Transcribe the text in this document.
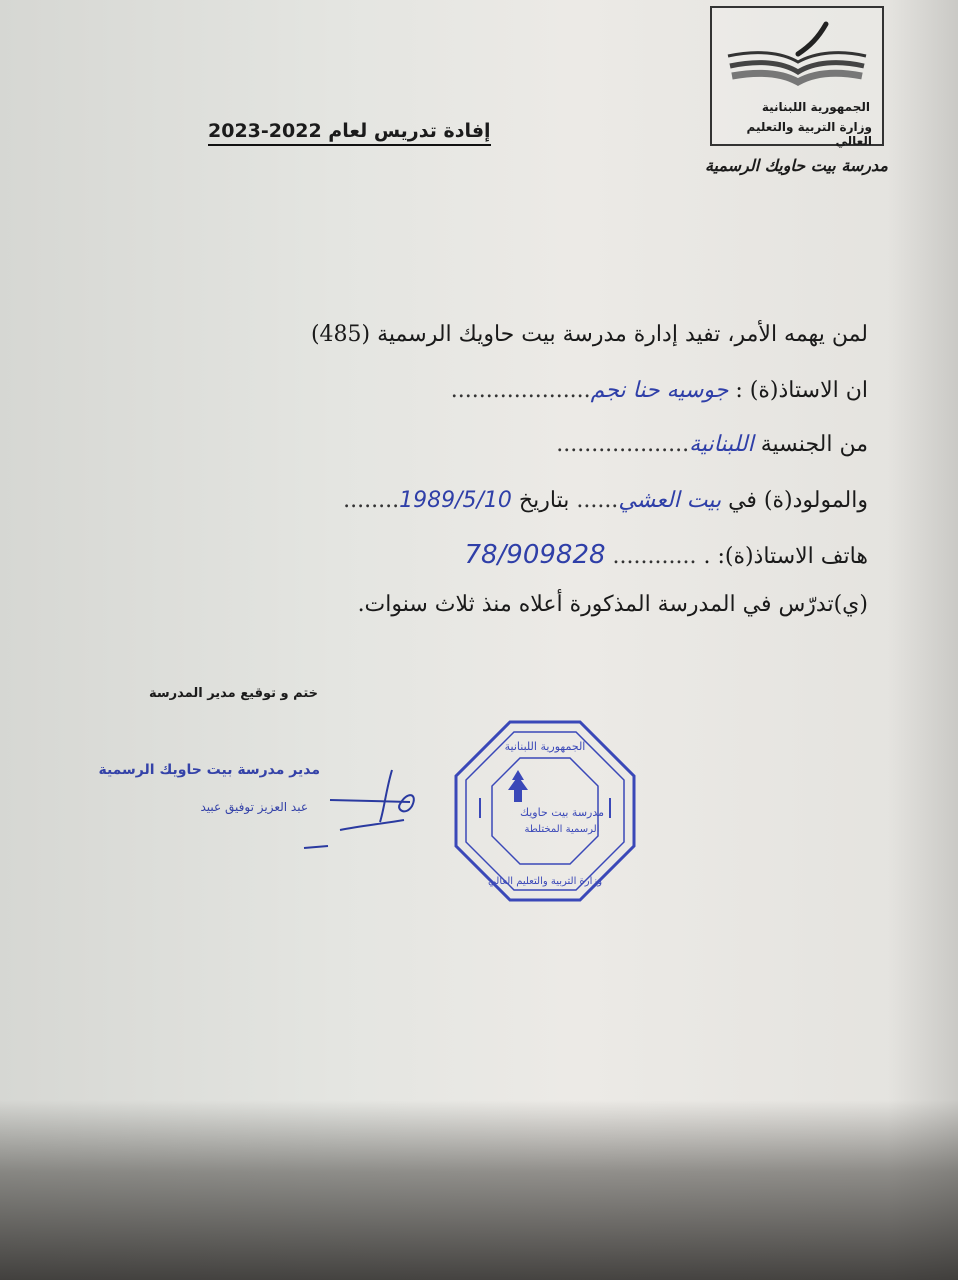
الجمهورية اللبنانية
وزارة التربية والتعليم العالي
مدرسة بيت حاويك الرسمية
إفادة تدريس لعام 2022-2023
لمن يهمه الأمر، تفيد إدارة مدرسة بيت حاويك الرسمية (485)
ان الاستاذ(ة) : جوسيه حنا نجم....................
من الجنسية اللبنانية...................
والمولود(ة) في بيت العشي...... بتاريخ 1989/5/10........
هاتف الاستاذ(ة): . ............ 78/909828
(ي)تدرّس في المدرسة المذكورة أعلاه منذ ثلاث سنوات.
ختم و توقيع مدير المدرسة
مدير مدرسة بيت حاويك الرسمية
عبد العزيز توفيق عبيد
الجمهورية اللبنانية
مدرسة بيت حاويك
الرسمية المختلطة
وزارة التربية والتعليم العالي
